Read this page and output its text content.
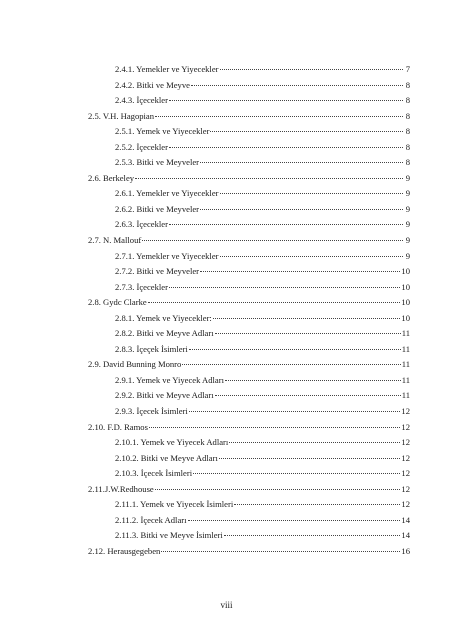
2.4.1. Yemekler ve Yiyecekler	7
2.4.2. Bitki ve Meyve	8
2.4.3. İçecekler	8
2.5. V.H. Hagopian	8
2.5.1. Yemek ve Yiyecekler	8
2.5.2. İçecekler	8
2.5.3. Bitki ve Meyveler	8
2.6. Berkeley	9
2.6.1. Yemekler ve Yiyecekler	9
2.6.2. Bitki ve Meyveler	9
2.6.3. İçecekler	9
2.7. N. Mallouf	9
2.7.1. Yemekler ve Yiyecekler	9
2.7.2. Bitki ve Meyveler	10
2.7.3. İçecekler	10
2.8. Gydc Clarke	10
2.8.1. Yemek ve Yiyecekler:	10
2.8.2. Bitki ve Meyve Adları	11
2.8.3. İçeçek İsimleri	11
2.9. David Bunning Monro	11
2.9.1. Yemek ve Yiyecek Adları	11
2.9.2. Bitki ve Meyve Adları	11
2.9.3. İçecek İsimleri	12
2.10. F.D. Ramos	12
2.10.1. Yemek ve Yiyecek Adları	12
2.10.2. Bitki ve Meyve Adları	12
2.10.3. İçecek İsimleri	12
2.11.J.W.Redhouse	12
2.11.1. Yemek ve Yiyecek İsimleri	12
2.11.2. İçecek Adları	14
2.11.3. Bitki ve Meyve İsimleri	14
2.12. Herausgegeben	16
viii
